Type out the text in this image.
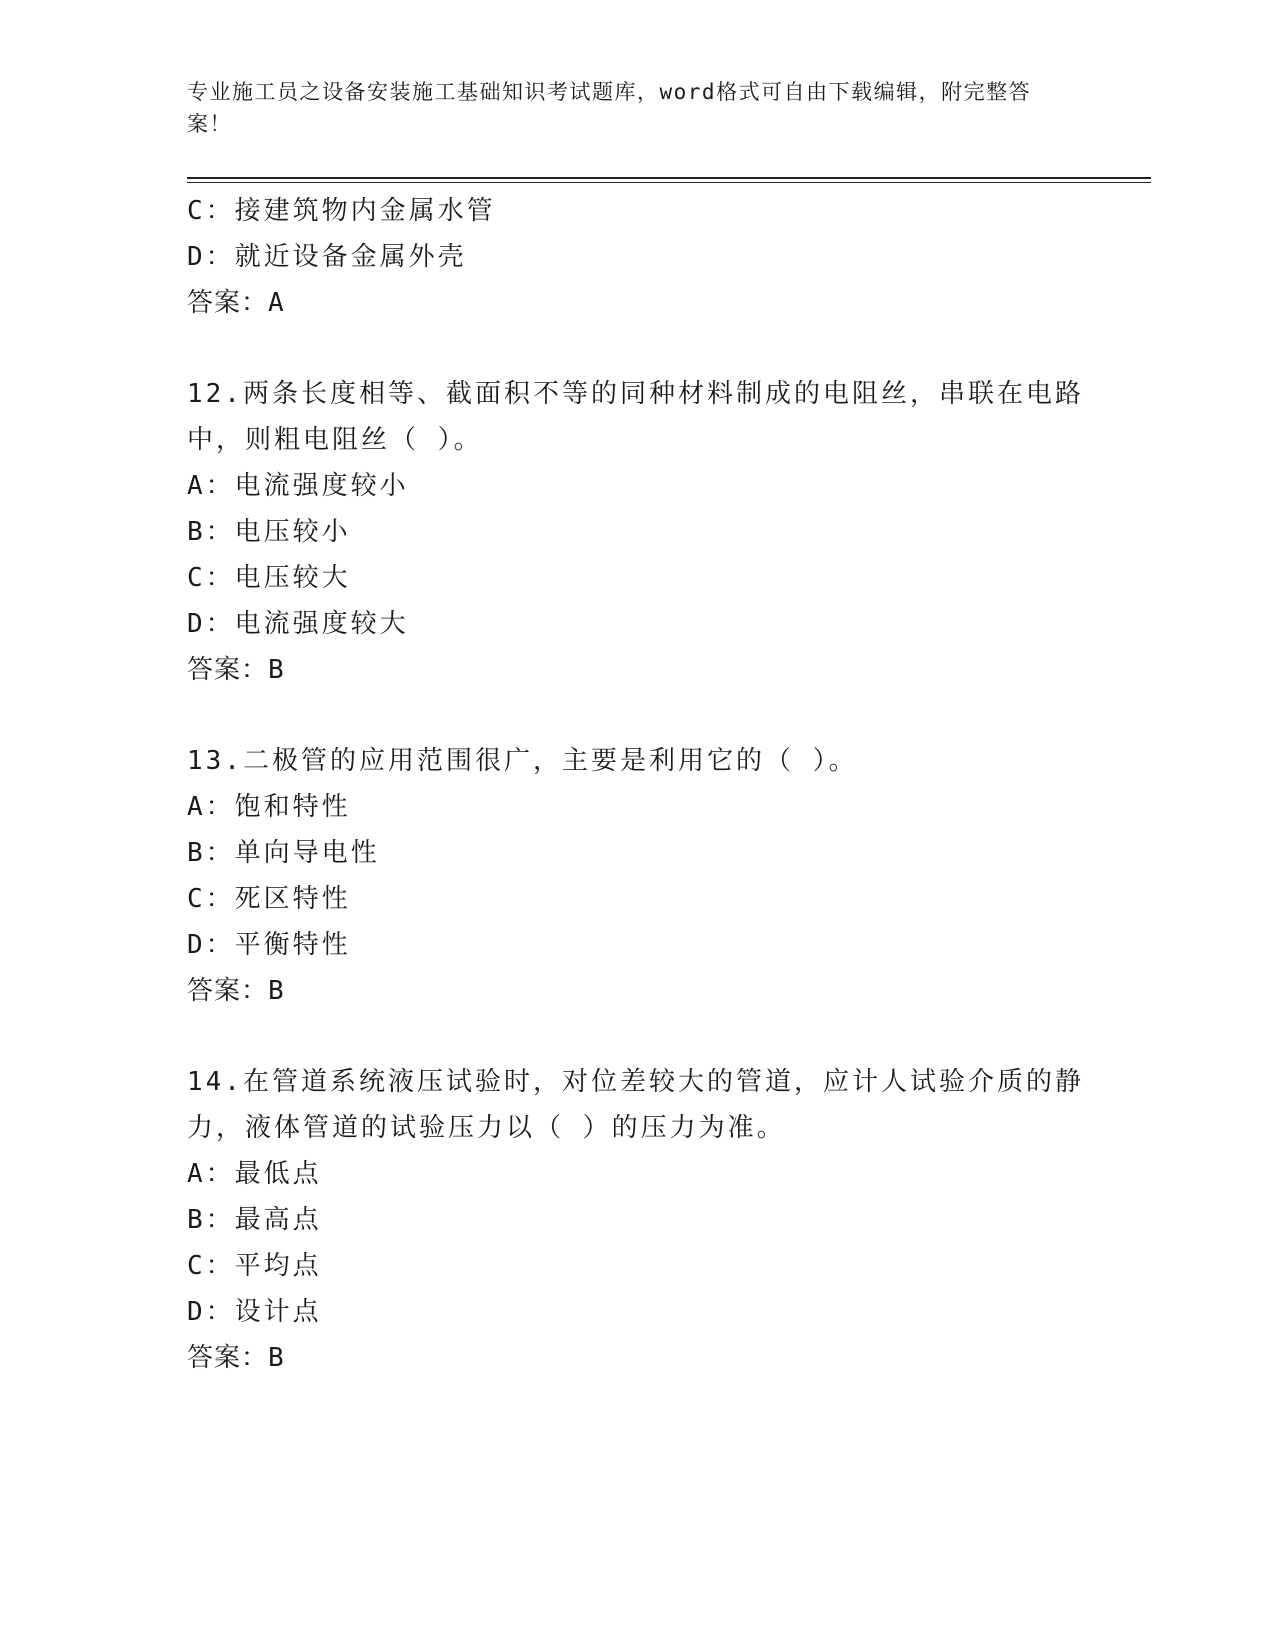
专业施工员之设备安装施工基础知识考试题库，word格式可自由下载编辑，附完整答案！
C：接建筑物内金属水管
D：就近设备金属外壳
答案：A
12.两条长度相等、截面积不等的同种材料制成的电阻丝，串联在电路
中，则粗电阻丝（ ）。
A：电流强度较小
B：电压较小
C：电压较大
D：电流强度较大
答案：B
13.二极管的应用范围很广，主要是利用它的（ ）。
A：饱和特性
B：单向导电性
C：死区特性
D：平衡特性
答案：B
14.在管道系统液压试验时，对位差较大的管道，应计人试验介质的静
力，液体管道的试验压力以（ ）的压力为准。
A：最低点
B：最高点
C：平均点
D：设计点
答案：B
